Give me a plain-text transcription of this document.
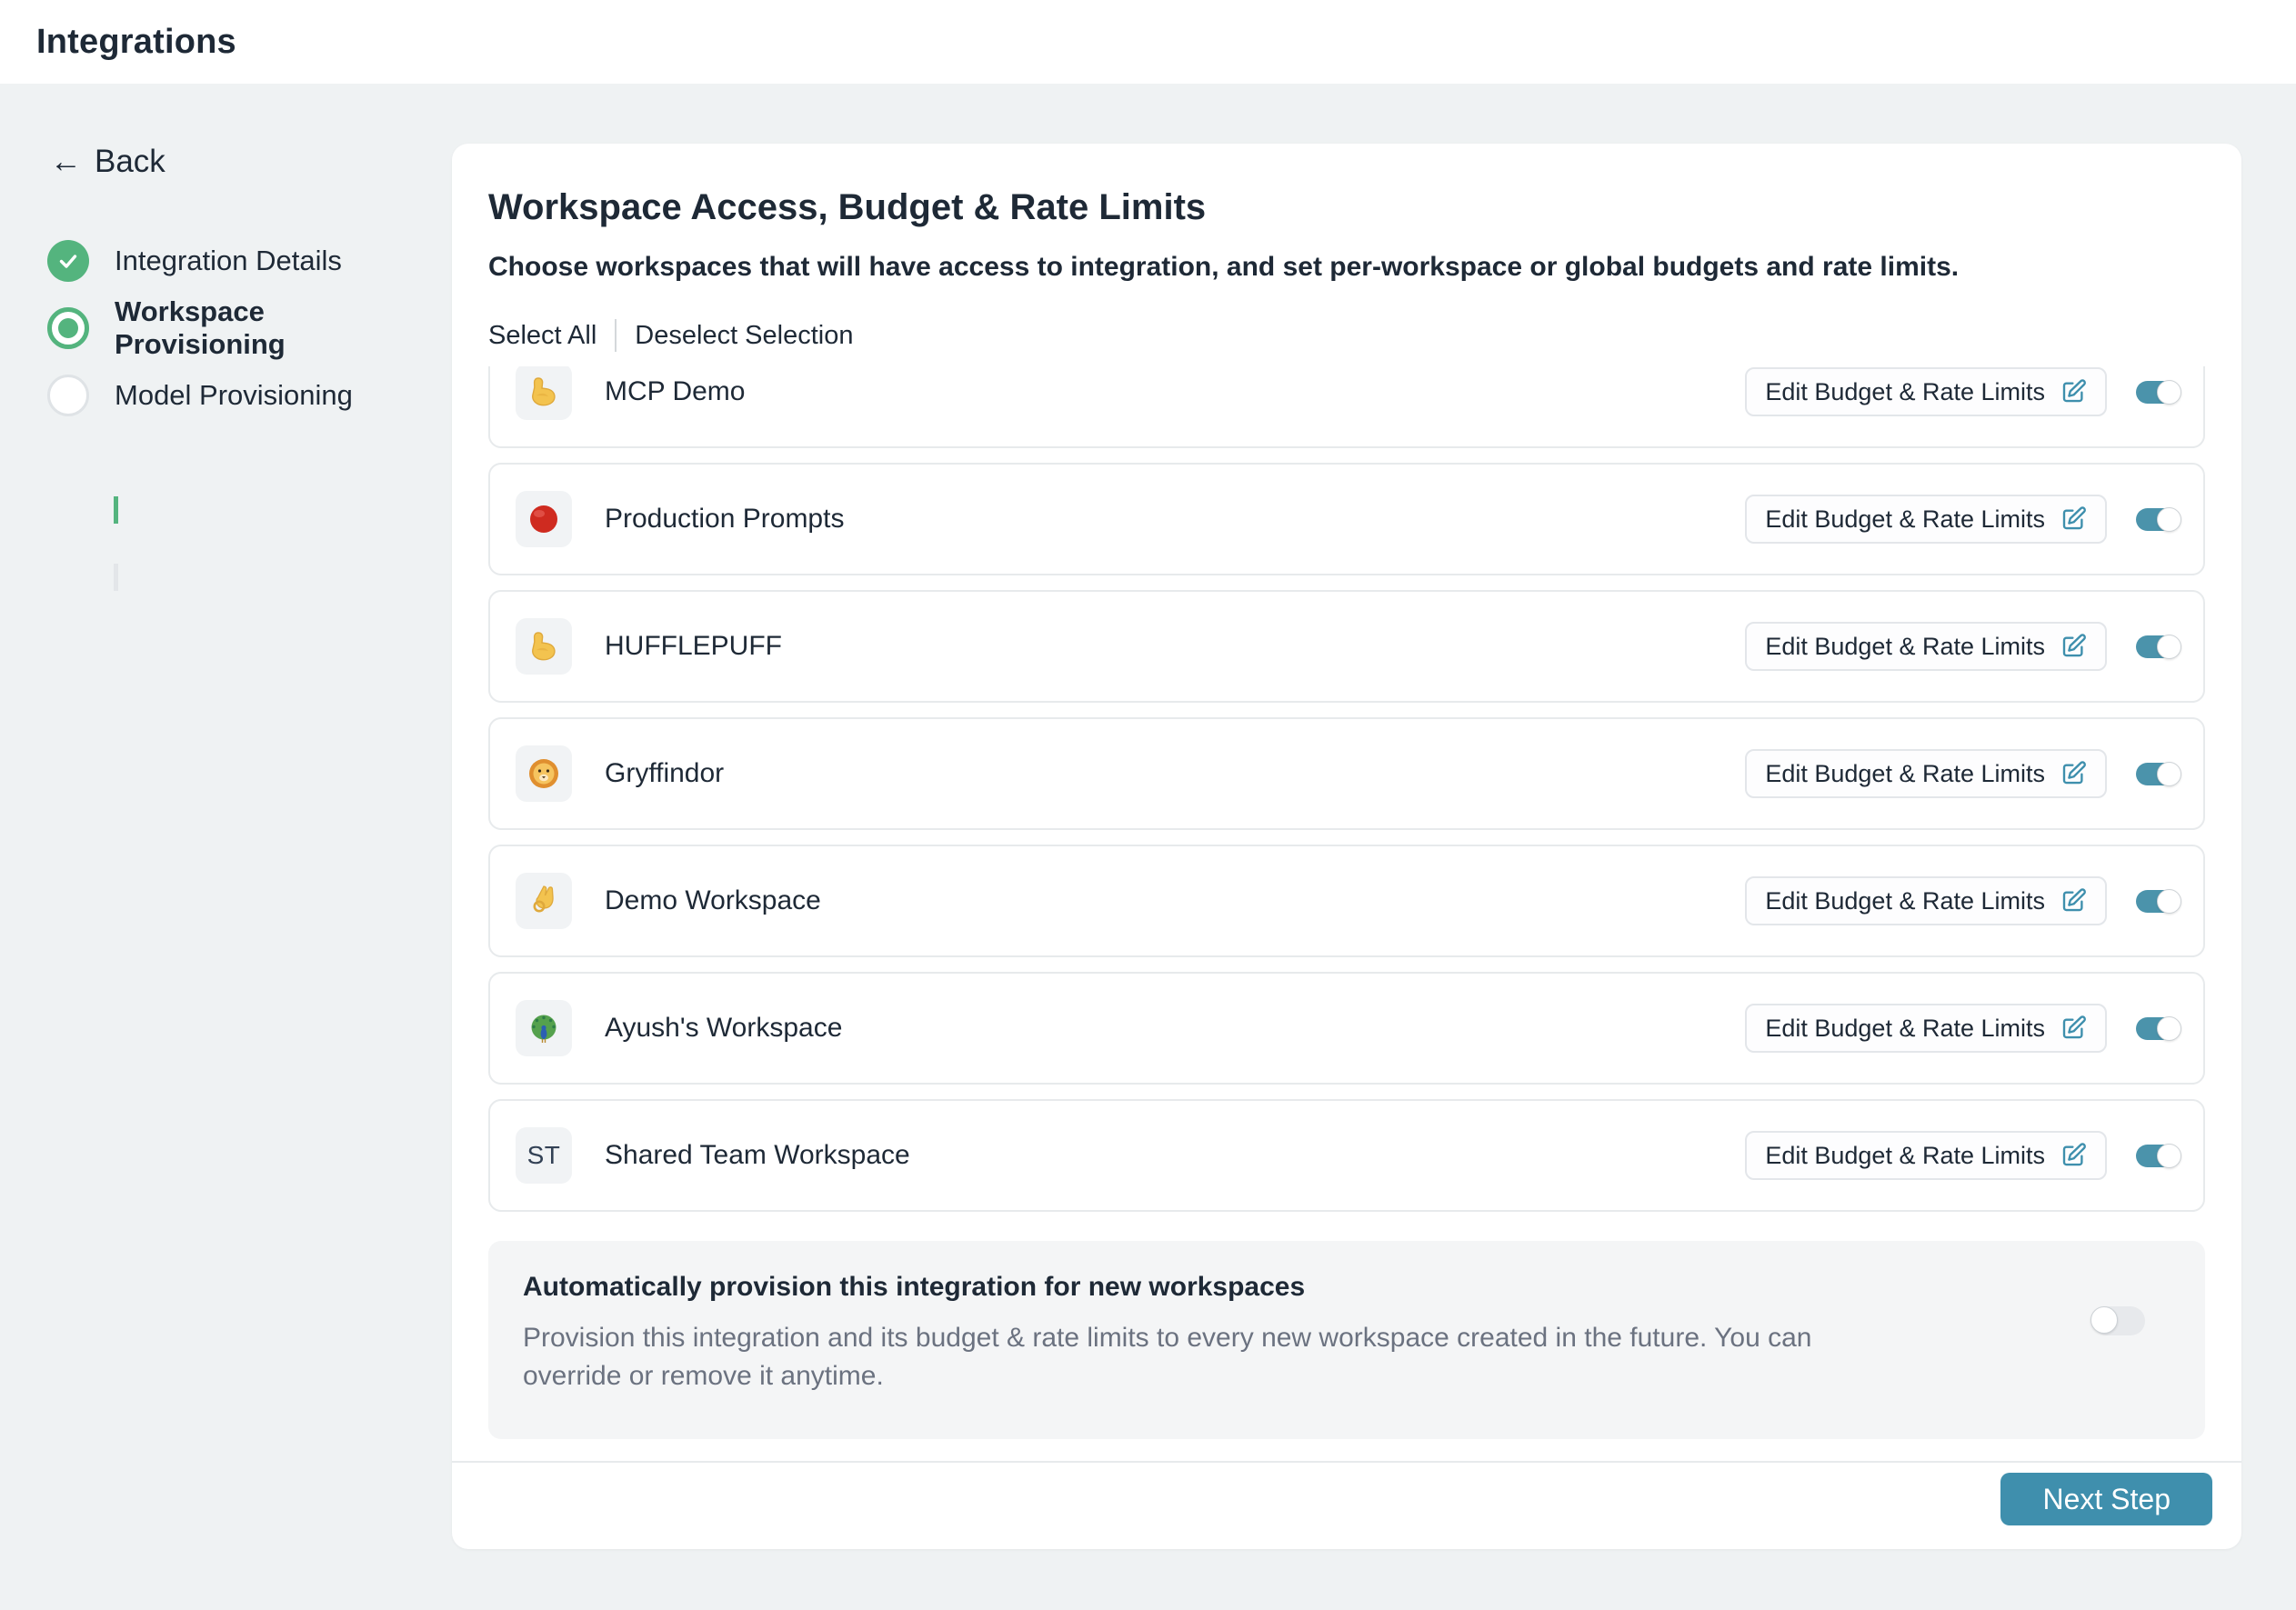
Integrations
← Back
Integration Details
Workspace Provisioning
Model Provisioning
Workspace Access, Budget & Rate Limits
Choose workspaces that will have access to integration, and set per-workspace or global budgets and rate limits.
Select All Deselect Selection
MCP Demo	Edit Budget & Rate Limits
Production Prompts	Edit Budget & Rate Limits
HUFFLEPUFF	Edit Budget & Rate Limits
Gryffindor	Edit Budget & Rate Limits
Demo Workspace	Edit Budget & Rate Limits
Ayush's Workspace	Edit Budget & Rate Limits
ST Shared Team Workspace	Edit Budget & Rate Limits
Automatically provision this integration for new workspaces
Provision this integration and its budget & rate limits to every new workspace created in the future. You can override or remove it anytime.
Next Step
